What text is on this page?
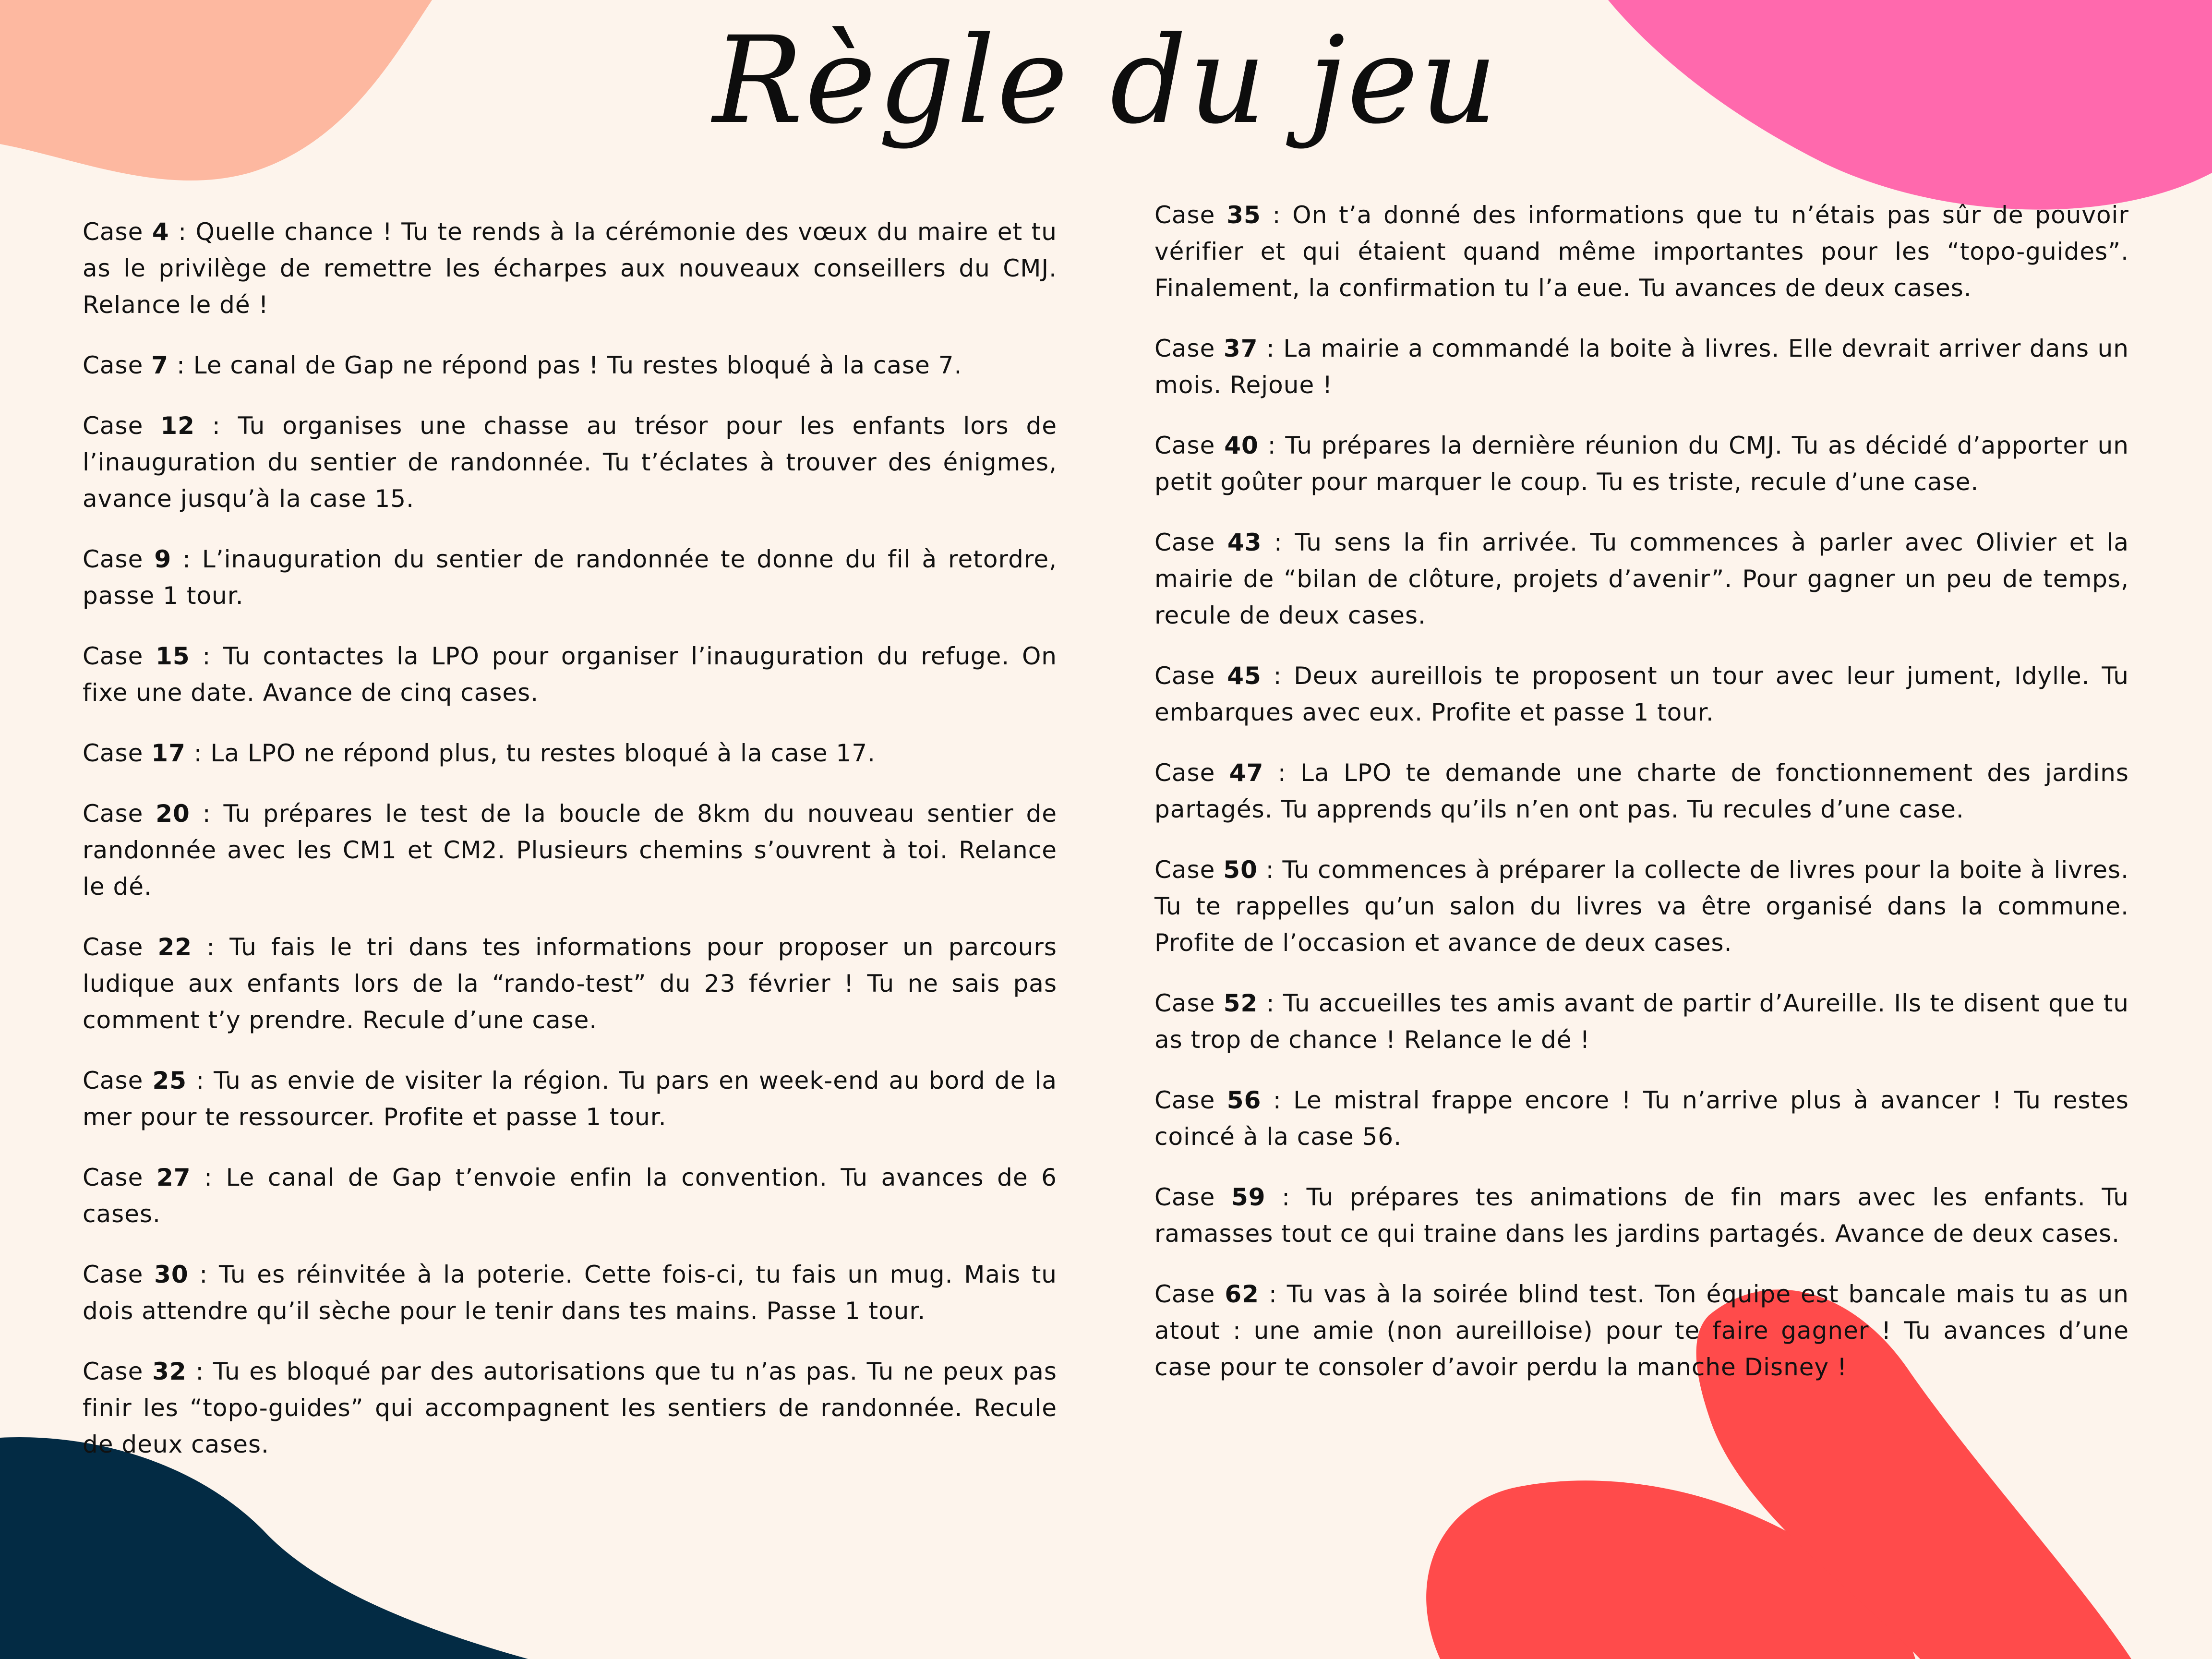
Règle du jeu

Case 4 : Quelle chance ! Tu te rends à la cérémonie des vœux du maire et tu as le privilège de remettre les écharpes aux nouveaux conseillers du CMJ. Relance le dé !

Case 7 : Le canal de Gap ne répond pas ! Tu restes bloqué à la case 7.

Case 12 : Tu organises une chasse au trésor pour les enfants lors de l’inauguration du sentier de randonnée. Tu t’éclates à trouver des énigmes, avance jusqu’à la case 15.

Case 9 : L’inauguration du sentier de randonnée te donne du fil à retordre, passe 1 tour.

Case 15 : Tu contactes la LPO pour organiser l’inauguration du refuge. On fixe une date. Avance de cinq cases.

Case 17 : La LPO ne répond plus, tu restes bloqué à la case 17.

Case 20 : Tu prépares le test de la boucle de 8km du nouveau sentier de randonnée avec les CM1 et CM2. Plusieurs chemins s’ouvrent à toi. Relance le dé.

Case 22 : Tu fais le tri dans tes informations pour proposer un parcours ludique aux enfants lors de la “rando-test” du 23 février ! Tu ne sais pas comment t’y prendre. Recule d’une case.

Case 25 : Tu as envie de visiter la région. Tu pars en week-end au bord de la mer pour te ressourcer. Profite et passe 1 tour.

Case 27 : Le canal de Gap t’envoie enfin la convention. Tu avances de 6 cases.

Case 30 : Tu es réinvitée à la poterie. Cette fois-ci, tu fais un mug. Mais tu dois attendre qu’il sèche pour le tenir dans tes mains. Passe 1 tour.

Case 32 : Tu es bloqué par des autorisations que tu n’as pas. Tu ne peux pas finir les “topo-guides” qui accompagnent les sentiers de randonnée. Recule de deux cases.

Case 35 : On t’a donné des informations que tu n’étais pas sûr de pouvoir vérifier et qui étaient quand même importantes pour les “topo-guides”. Finalement, la confirmation tu l’a eue. Tu avances de deux cases.

Case 37 : La mairie a commandé la boite à livres. Elle devrait arriver dans un mois. Rejoue !

Case 40 : Tu prépares la dernière réunion du CMJ. Tu as décidé d’apporter un petit goûter pour marquer le coup. Tu es triste, recule d’une case.

Case 43 : Tu sens la fin arrivée. Tu commences à parler avec Olivier et la mairie de “bilan de clôture, projets d’avenir”. Pour gagner un peu de temps, recule de deux cases.

Case 45 : Deux aureillois te proposent un tour avec leur jument, Idylle. Tu embarques avec eux. Profite et passe 1 tour.

Case 47 : La LPO te demande une charte de fonctionnement des jardins partagés. Tu apprends qu’ils n’en ont pas. Tu recules d’une case.

Case 50 : Tu commences à préparer la collecte de livres pour la boite à livres. Tu te rappelles qu’un salon du livres va être organisé dans la commune. Profite de l’occasion et avance de deux cases.

Case 52 : Tu accueilles tes amis avant de partir d’Aureille. Ils te disent que tu as trop de chance ! Relance le dé !

Case 56 : Le mistral frappe encore ! Tu n’arrive plus à avancer ! Tu restes coincé à la case 56.

Case 59 : Tu prépares tes animations de fin mars avec les enfants. Tu ramasses tout ce qui traine dans les jardins partagés. Avance de deux cases.

Case 62 : Tu vas à la soirée blind test. Ton équipe est bancale mais tu as un atout : une amie (non aureilloise) pour te faire gagner ! Tu avances d’une case pour te consoler d’avoir perdu la manche Disney !
